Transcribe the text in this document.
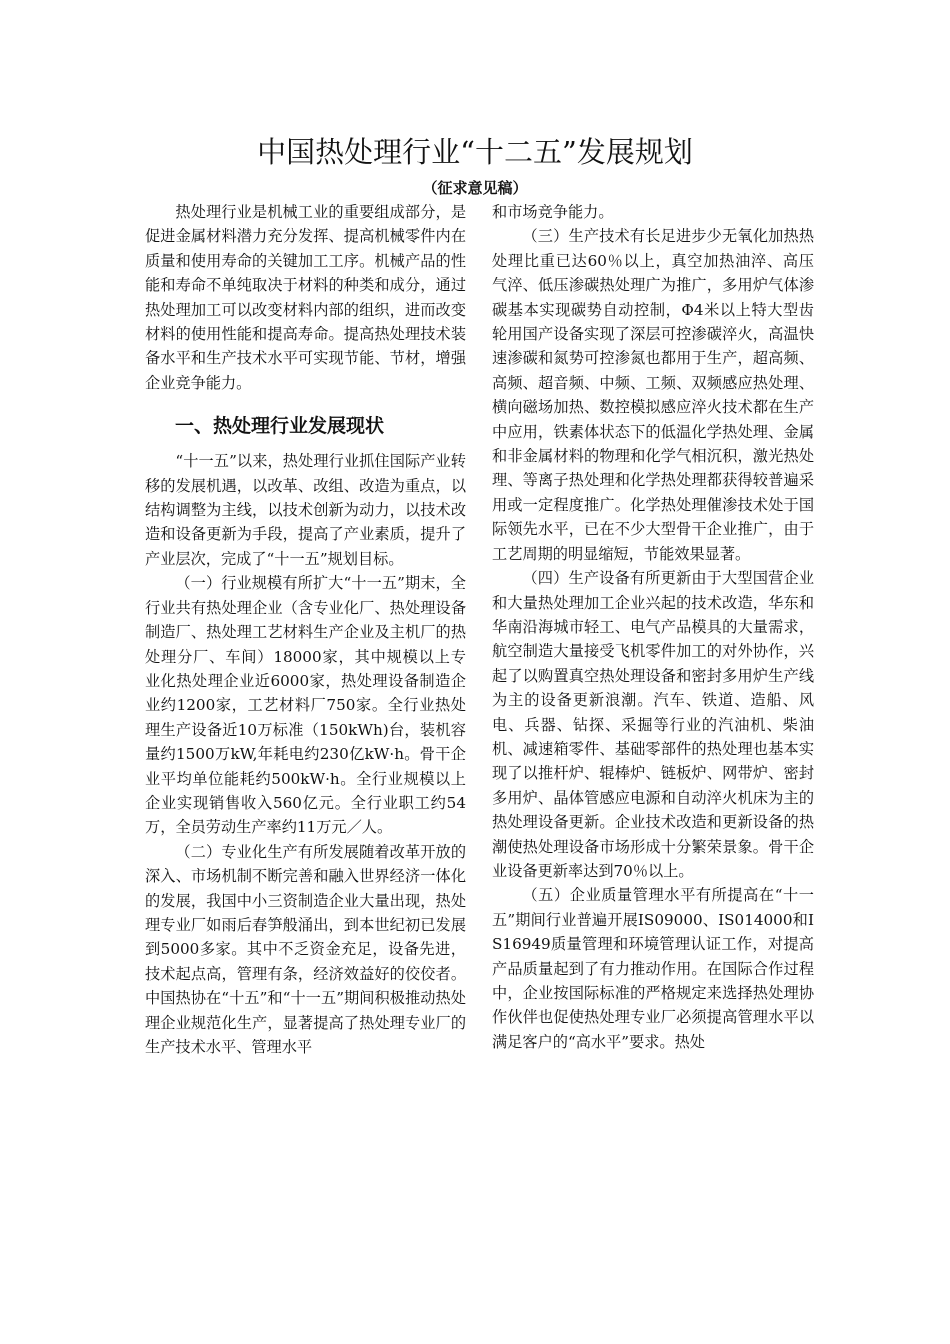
中国热处理行业“十二五”发展规划
（征求意见稿）

热处理行业是机械工业的重要组成部分，是促进金属材料潜力充分发挥、提高机械零件内在质量和使用寿命的关键加工工序。机械产品的性能和寿命不单纯取决于材料的种类和成分，通过热处理加工可以改变材料内部的组织，进而改变材料的使用性能和提高寿命。提高热处理技术装备水平和生产技术水平可实现节能、节材，增强企业竞争能力。

一、热处理行业发展现状

“十一五”以来，热处理行业抓住国际产业转移的发展机遇，以改革、改组、改造为重点，以结构调整为主线，以技术创新为动力，以技术改造和设备更新为手段，提高了产业素质，提升了产业层次，完成了“十一五”规划目标。

（一）行业规模有所扩大“十一五”期末，全行业共有热处理企业（含专业化厂、热处理设备制造厂、热处理工艺材料生产企业及主机厂的热处理分厂、车间）18000家，其中规模以上专业化热处理企业近6000家，热处理设备制造企业约1200家，工艺材料厂750家。全行业热处理生产设备近10万标准（150kWh)台，装机容量约1500万kW,年耗电约230亿kW·h。骨干企业平均单位能耗约500kW·h。全行业规模以上企业实现销售收入560亿元。全行业职工约54万，全员劳动生产率约11万元／人。

（二）专业化生产有所发展随着改革开放的深入、市场机制不断完善和融入世界经济一体化的发展，我国中小三资制造企业大量出现，热处理专业厂如雨后春笋般涌出，到本世纪初已发展到5000多家。其中不乏资金充足，设备先进，技术起点高，管理有条，经济效益好的佼佼者。中国热协在“十五”和“十一五”期间积极推动热处理企业规范化生产，显著提高了热处理专业厂的生产技术水平、管理水平

和市场竞争能力。

（三）生产技术有长足进步少无氧化加热热处理比重已达60％以上，真空加热油淬、高压气淬、低压渗碳热处理广为推广，多用炉气体渗碳基本实现碳势自动控制，Φ4米以上特大型齿轮用国产设备实现了深层可控渗碳淬火，高温快速渗碳和氮势可控渗氮也都用于生产，超高频、高频、超音频、中频、工频、双频感应热处理、横向磁场加热、数控模拟感应淬火技术都在生产中应用，铁素体状态下的低温化学热处理、金属和非金属材料的物理和化学气相沉积，激光热处理、等离子热处理和化学热处理都获得较普遍采用或一定程度推广。化学热处理催渗技术处于国际领先水平，已在不少大型骨干企业推广，由于工艺周期的明显缩短，节能效果显著。

（四）生产设备有所更新由于大型国营企业和大量热处理加工企业兴起的技术改造，华东和华南沿海城市轻工、电气产品模具的大量需求，航空制造大量接受飞机零件加工的对外协作，兴起了以购置真空热处理设备和密封多用炉生产线为主的设备更新浪潮。汽车、铁道、造船、风电、兵器、钻探、采掘等行业的汽油机、柴油机、减速箱零件、基础零部件的热处理也基本实现了以推杆炉、辊棒炉、链板炉、网带炉、密封多用炉、晶体管感应电源和自动淬火机床为主的热处理设备更新。企业技术改造和更新设备的热潮使热处理设备市场形成十分繁荣景象。骨干企业设备更新率达到70％以上。

（五）企业质量管理水平有所提高在“十一五”期间行业普遍开展IS09000、IS014000和IS16949质量管理和环境管理认证工作，对提高产品质量起到了有力推动作用。在国际合作过程中，企业按国际标准的严格规定来选择热处理协作伙伴也促使热处理专业厂必须提高管理水平以满足客户的“高水平”要求。热处
